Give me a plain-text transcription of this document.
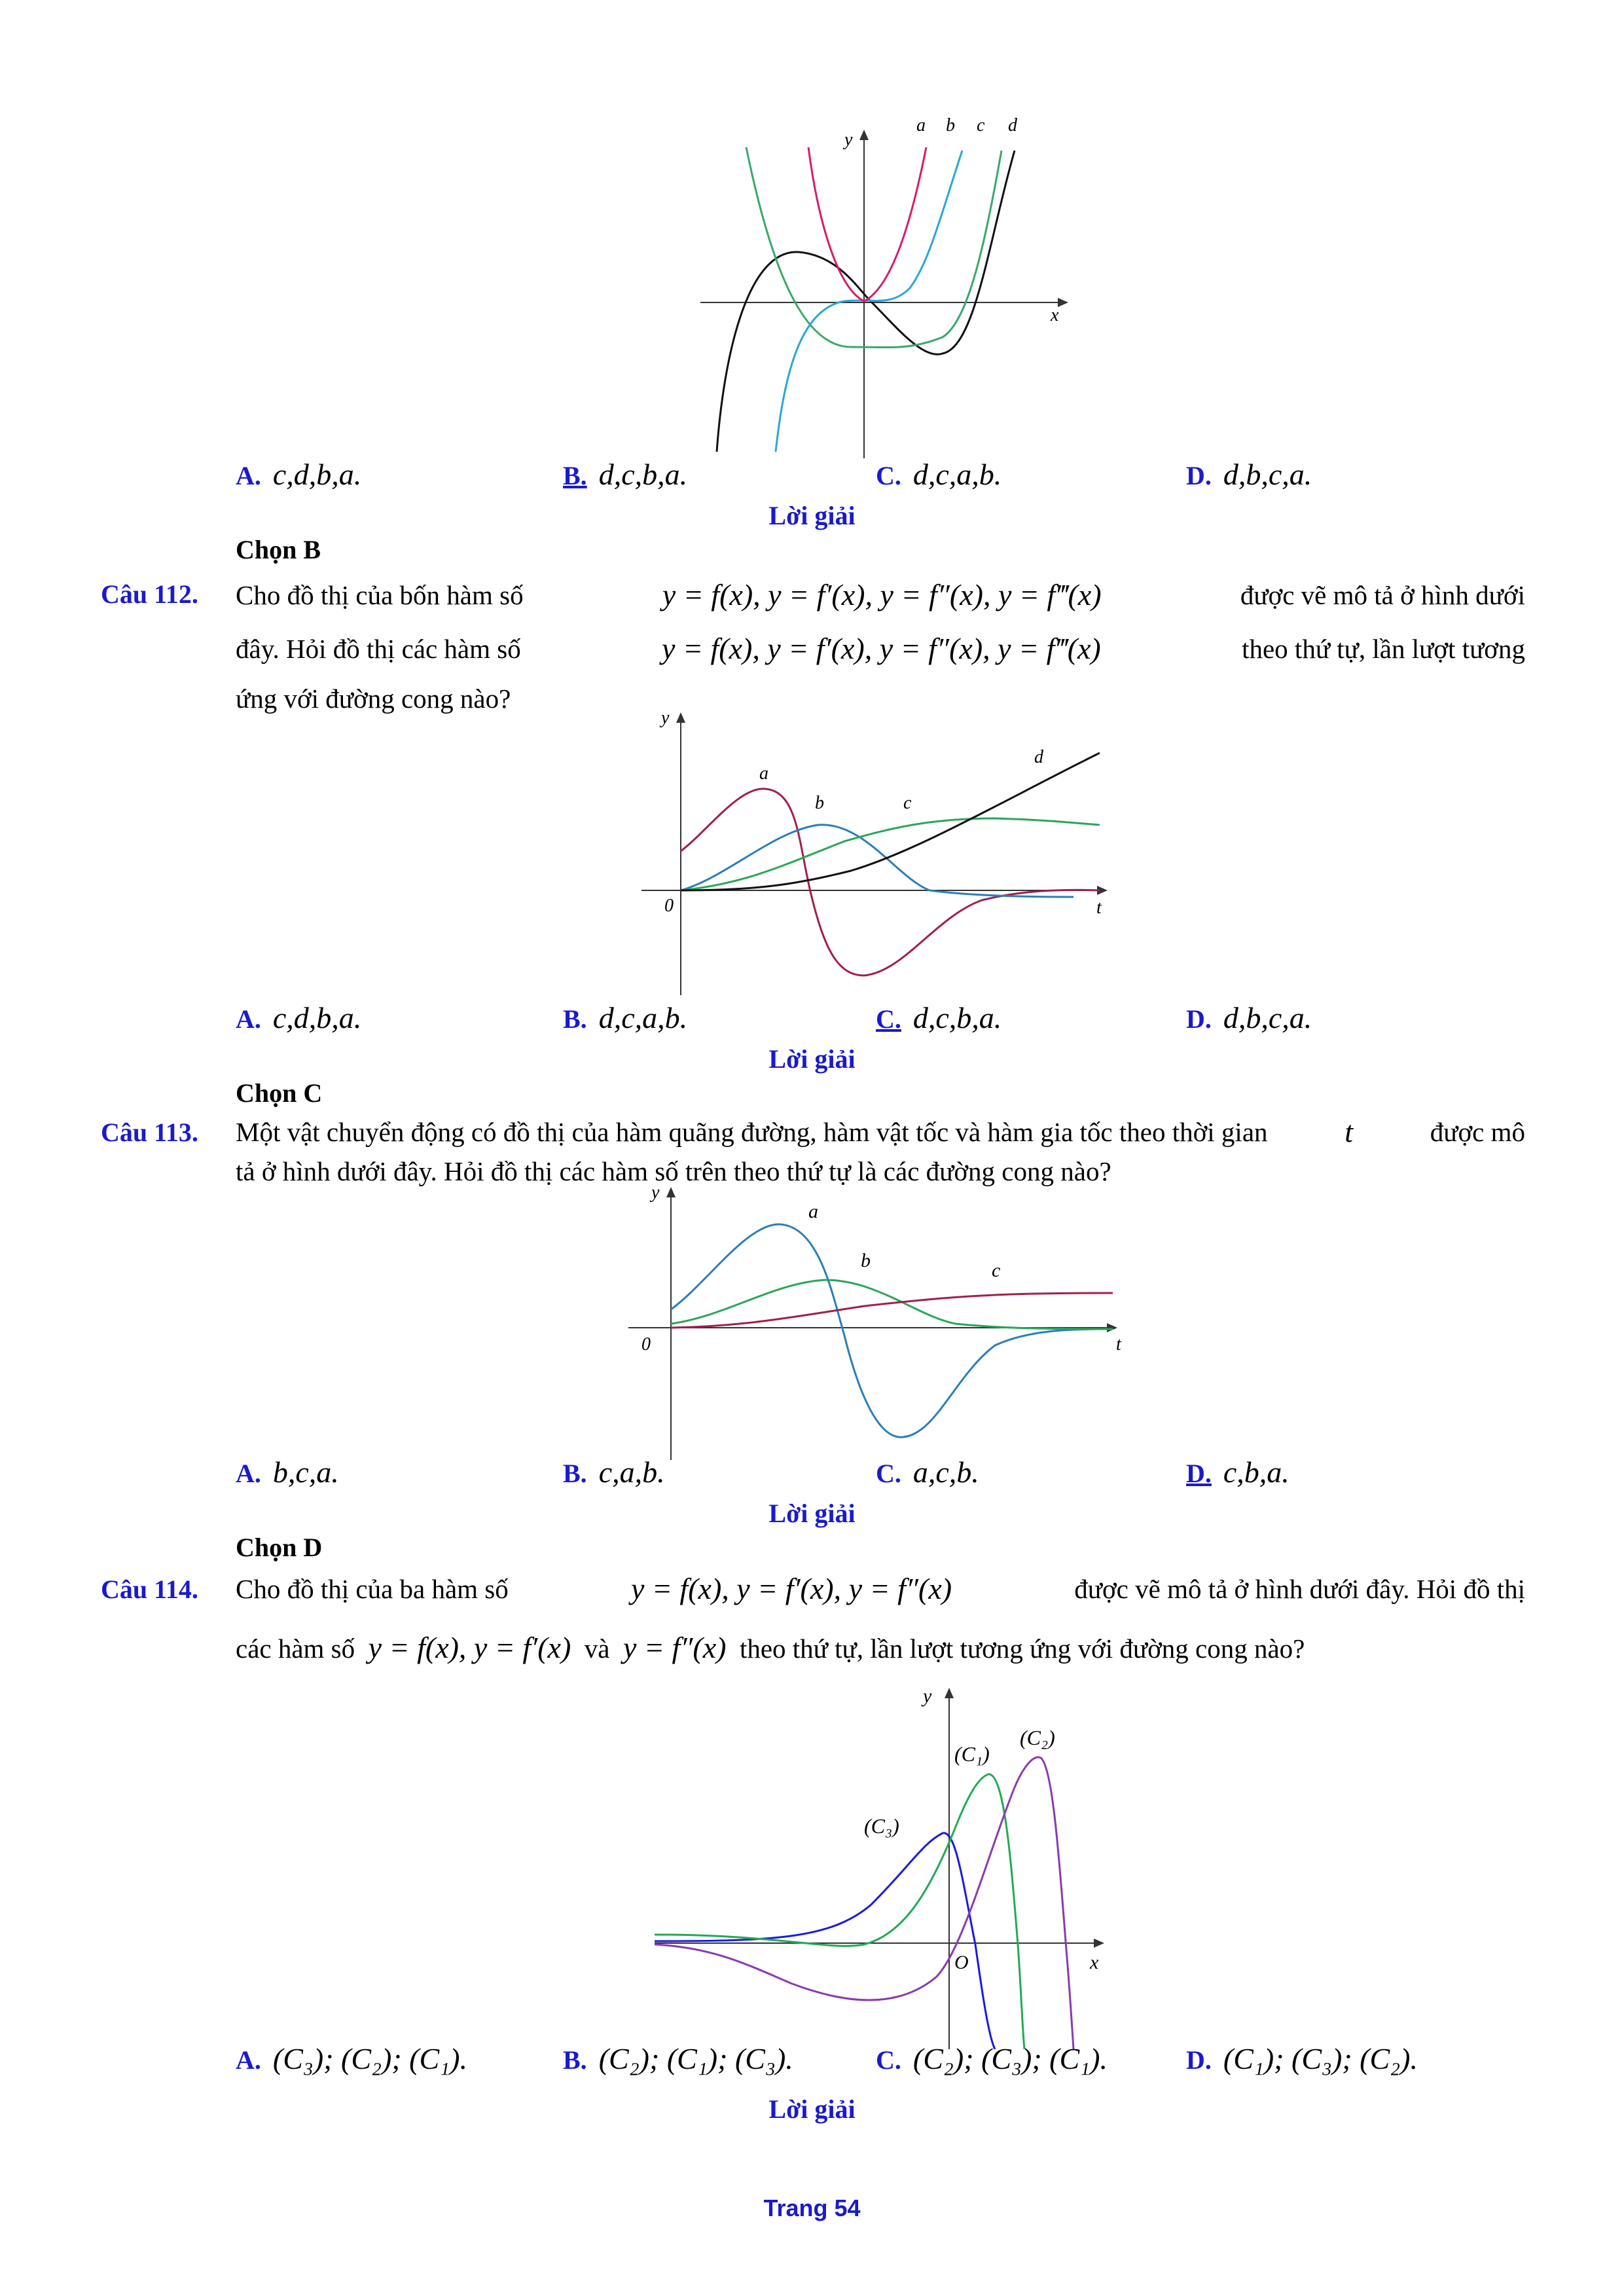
x
y
a b c d
A. c,d,b,a.	B. d,c,b,a.	C. d,c,a,b.	D. d,b,c,a.
Lời giải
Chọn B
Câu 112. Cho đồ thị của bốn hàm số	y = f(x), y = f′(x), y = f″(x), y = f‴(x)	được vẽ mô tả ở hình dưới
đây. Hỏi đồ thị các hàm số	y = f(x), y = f′(x), y = f″(x), y = f‴(x)	theo thứ tự, lần lượt tương
ứng với đường cong nào?
y
t
0
a
b	c
d
A. c,d,b,a.	B. d,c,a,b.	C. d,c,b,a.	D. d,b,c,a.
Lời giải
Chọn C
Câu 113. Một vật chuyển động có đồ thị của hàm quãng đường, hàm vật tốc và hàm gia tốc theo thời gian	t	được mô
tả ở hình dưới đây. Hỏi đồ thị các hàm số trên theo thứ tự là các đường cong nào?
y
t
0
a
b	c
A. b,c,a.	B. c,a,b.	C. a,c,b.	D. c,b,a.
Lời giải
Chọn D
Câu 114. Cho đồ thị của ba hàm số	y = f(x), y = f′(x), y = f″(x)	được vẽ mô tả ở hình dưới đây. Hỏi đồ thị
các hàm số y = f(x), y = f′(x) và y = f″(x) theo thứ tự, lần lượt tương ứng với đường cong nào?
y
x
O
(C₁)
(C₂)
(C₃)
A. (C₃); (C₂); (C₁).	B. (C₂); (C₁); (C₃).	C. (C₂); (C₃); (C₁).	D. (C₁); (C₃); (C₂).
Lời giải
Trang 54
